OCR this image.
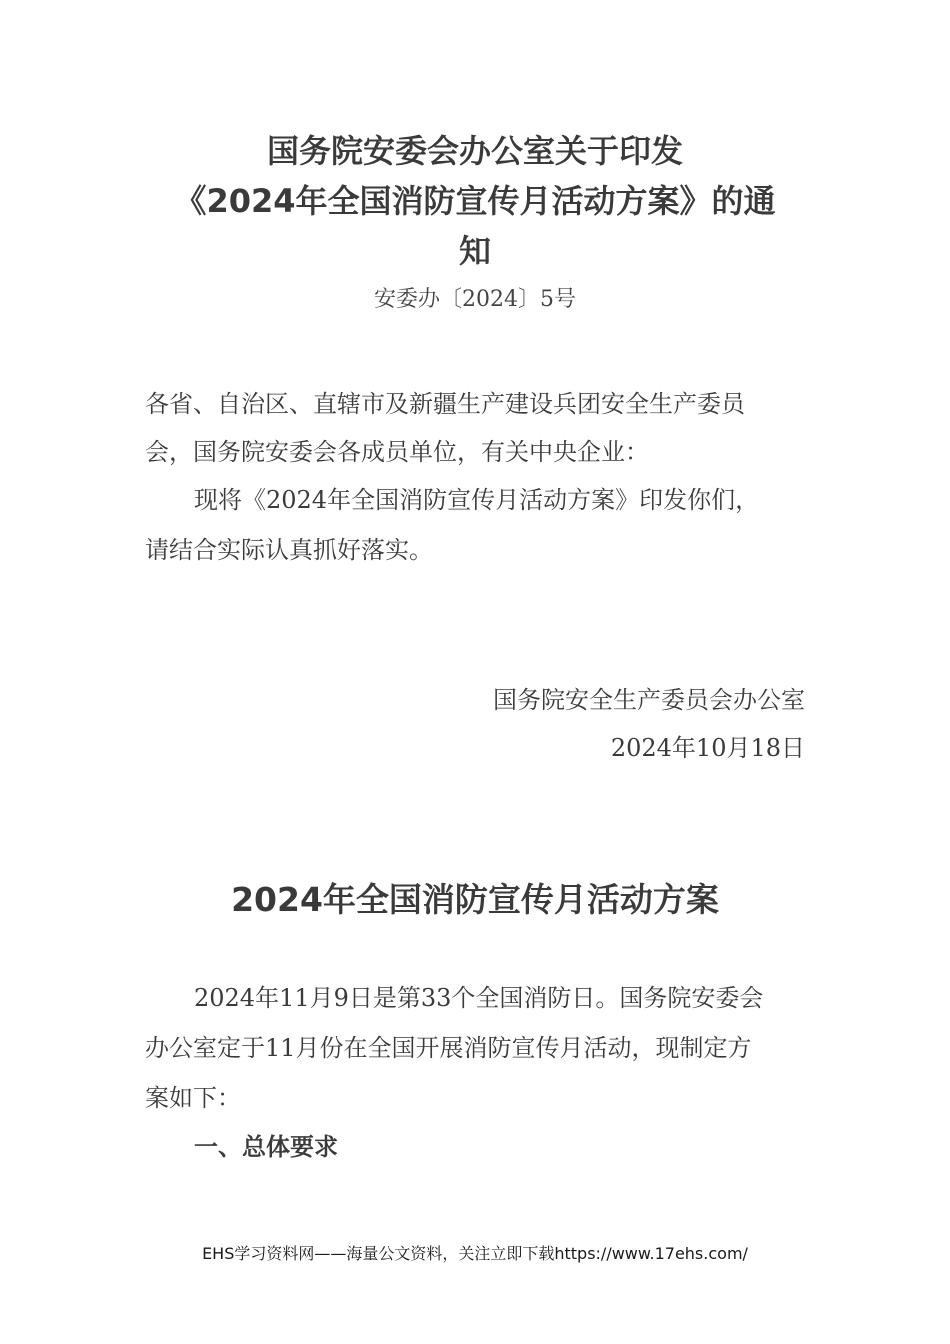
国务院安委会办公室关于印发
《2024年全国消防宣传月活动方案》的通
知
安委办〔2024〕5号
各省、自治区、直辖市及新疆生产建设兵团安全生产委员
会，国务院安委会各成员单位，有关中央企业：
现将《2024年全国消防宣传月活动方案》印发你们，
请结合实际认真抓好落实。
国务院安全生产委员会办公室
2024年10月18日
2024年全国消防宣传月活动方案
2024年11月9日是第33个全国消防日。国务院安委会
办公室定于11月份在全国开展消防宣传月活动，现制定方
案如下：
一、总体要求
EHS学习资料网——海量公文资料，关注立即下载https://www.17ehs.com/
